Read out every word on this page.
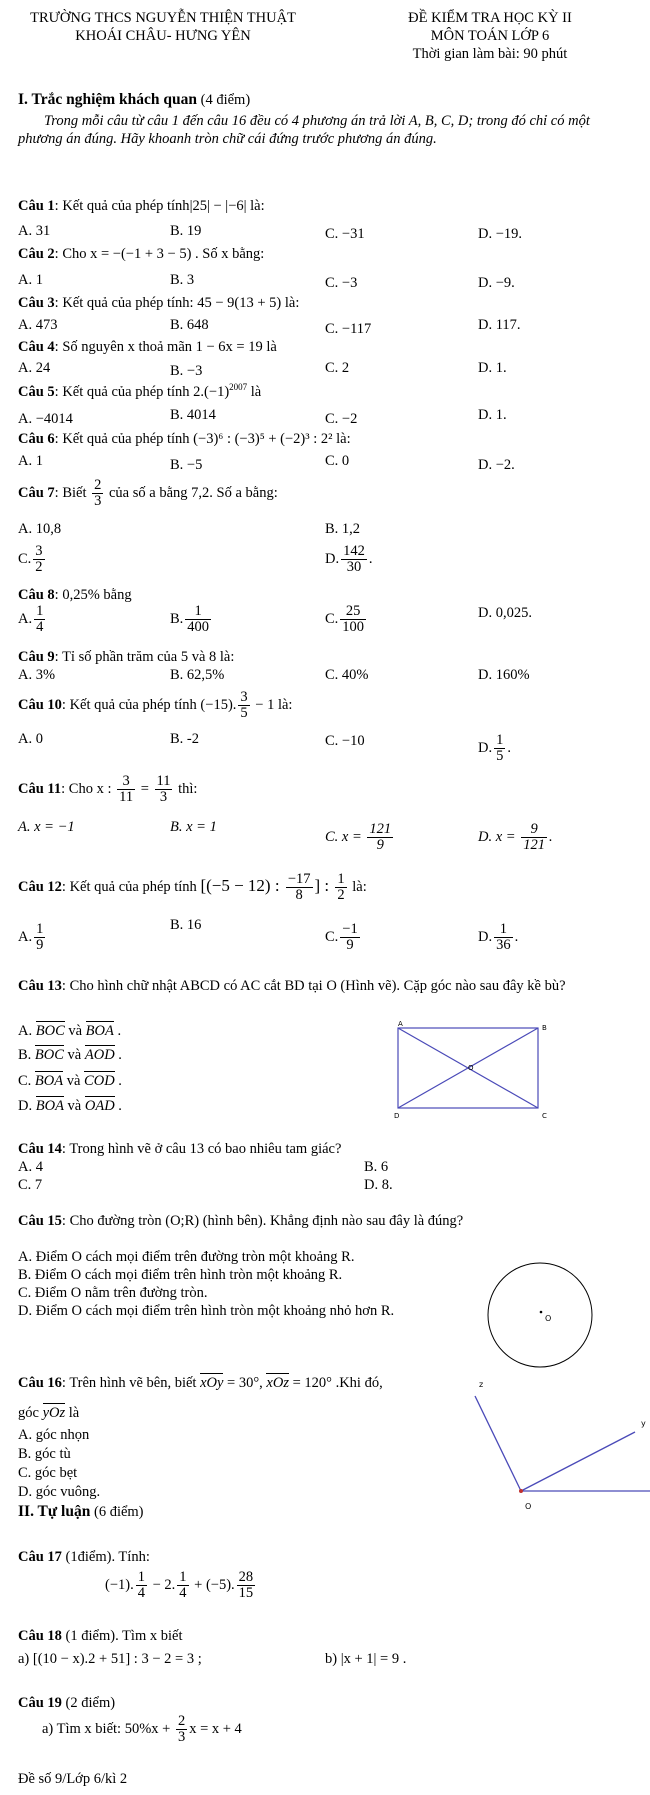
TRƯỜNG THCS NGUYỄN THIỆN THUẬT
KHOÁI CHÂU- HƯNG YÊN
ĐỀ KIỂM TRA HỌC KỲ II
MÔN TOÁN LỚP 6
Thời gian làm bài: 90 phút
I. Trắc nghiệm khách quan (4 điểm)
Trong mỗi câu từ câu 1 đến câu 16 đều có 4 phương án trả lời A, B, C, D; trong đó chỉ có một phương án đúng. Hãy khoanh tròn chữ cái đứng trước phương án đúng.
Câu 1: Kết quả của phép tính|25| − |−6| là:
A. 31	B. 19	C. −31	D. −19.
Câu 2: Cho x = −(−1 + 3 − 5) . Số x bằng:
A. 1	B. 3	C. −3	D. −9.
Câu 3: Kết quả của phép tính: 45 − 9(13 + 5) là:
A. 473	B. 648	C. −117	D. 117.
Câu 4: Số nguyên x thoả mãn 1 − 6x = 19 là
A. 24	B. −3	C. 2	D. 1.
Câu 5: Kết quả của phép tính $2.(-1)^{2007}$ là
A. −4014	B. 4014	C. −2	D. 1.
Câu 6: Kết quả của phép tính (−3)⁶ : (−3)⁵ + (−2)³ : 2² là:
A. 1	B. −5	C. 0	D. −2.
Câu 7: Biết $\frac{2}{3}$ của số a bằng 7,2. Số a bằng:
A. 10,8	B. 1,2
C. $\frac{3}{2}$	D. $\frac{142}{30}$ .
Câu 8: 0,25% bằng
A. $\frac{1}{4}$	B. $\frac{1}{400}$	C. $\frac{25}{100}$	D. 0,025.
Câu 9: Tỉ số phần trăm của 5 và 8 là:
A. 3%	B. 62,5%	C. 40%	D. 160%
Câu 10: Kết quả của phép tính (−15). $\frac{3}{5} - 1$ là:
A. 0	B. -2	C. −10	D. $\frac{1}{5}$ .
Câu 11: Cho x : $\frac{3}{11} = \frac{11}{3}$ thì:
A. x = −1	B. x = 1
C. $x = \frac{121}{9}$	D. $x = \frac{9}{121}$ .
Câu 12: Kết quả của phép tính [(−5 − 12) : $\frac{-17}{8}$ ] : $\frac{1}{2}$ là:
A. $\frac{1}{9}$	B. 16
C. $\frac{-1}{9}$	D. $\frac{1}{36}$ .
Câu 13: Cho hình chữ nhật ABCD có AC cắt BD tại O (Hình vẽ). Cặp góc nào sau đây kề bù?
A. BOC và BOA .
B. BOC và AOD .
C. BOA và COD .
D. BOA và OAD .
A	B
C
D
O
Câu 14: Trong hình vẽ ở câu 13 có bao nhiêu tam giác?
A. 4	B. 6
C. 7	D. 8.
Câu 15: Cho đường tròn (O;R) (hình bên). Khẳng định nào sau đây là đúng?
A. Điểm O cách mọi điểm trên đường tròn một khoảng R.
B. Điểm O cách mọi điểm trên hình tròn một khoảng R.
C. Điểm O nằm trên đường tròn.
D. Điểm O cách mọi điểm trên hình tròn một khoảng nhỏ hơn R.	O
Câu 16: Trên hình vẽ bên, biết xOy = 30°, xOz = 120° .Khi đó,
góc yOz là
A. góc nhọn
B. góc tù
C. góc bẹt
D. góc vuông.
z
y
O
II. Tự luận (6 điểm)
Câu 17 (1điểm). Tính:
(−1). $\frac{1}{4} - 2$. $\frac{1}{4} + (-5)$. $\frac{28}{15}$
Câu 18 (1 điểm). Tìm x biết
a) [(10 − x).2 + 51] : 3 − 2 = 3 ;	b) |x + 1| = 9 .
Câu 19 (2 điểm)
a) Tìm x biết: $50\%x + \frac{2}{3}$ x = x + 4
Đề số 9/Lớp 6/kì 2
